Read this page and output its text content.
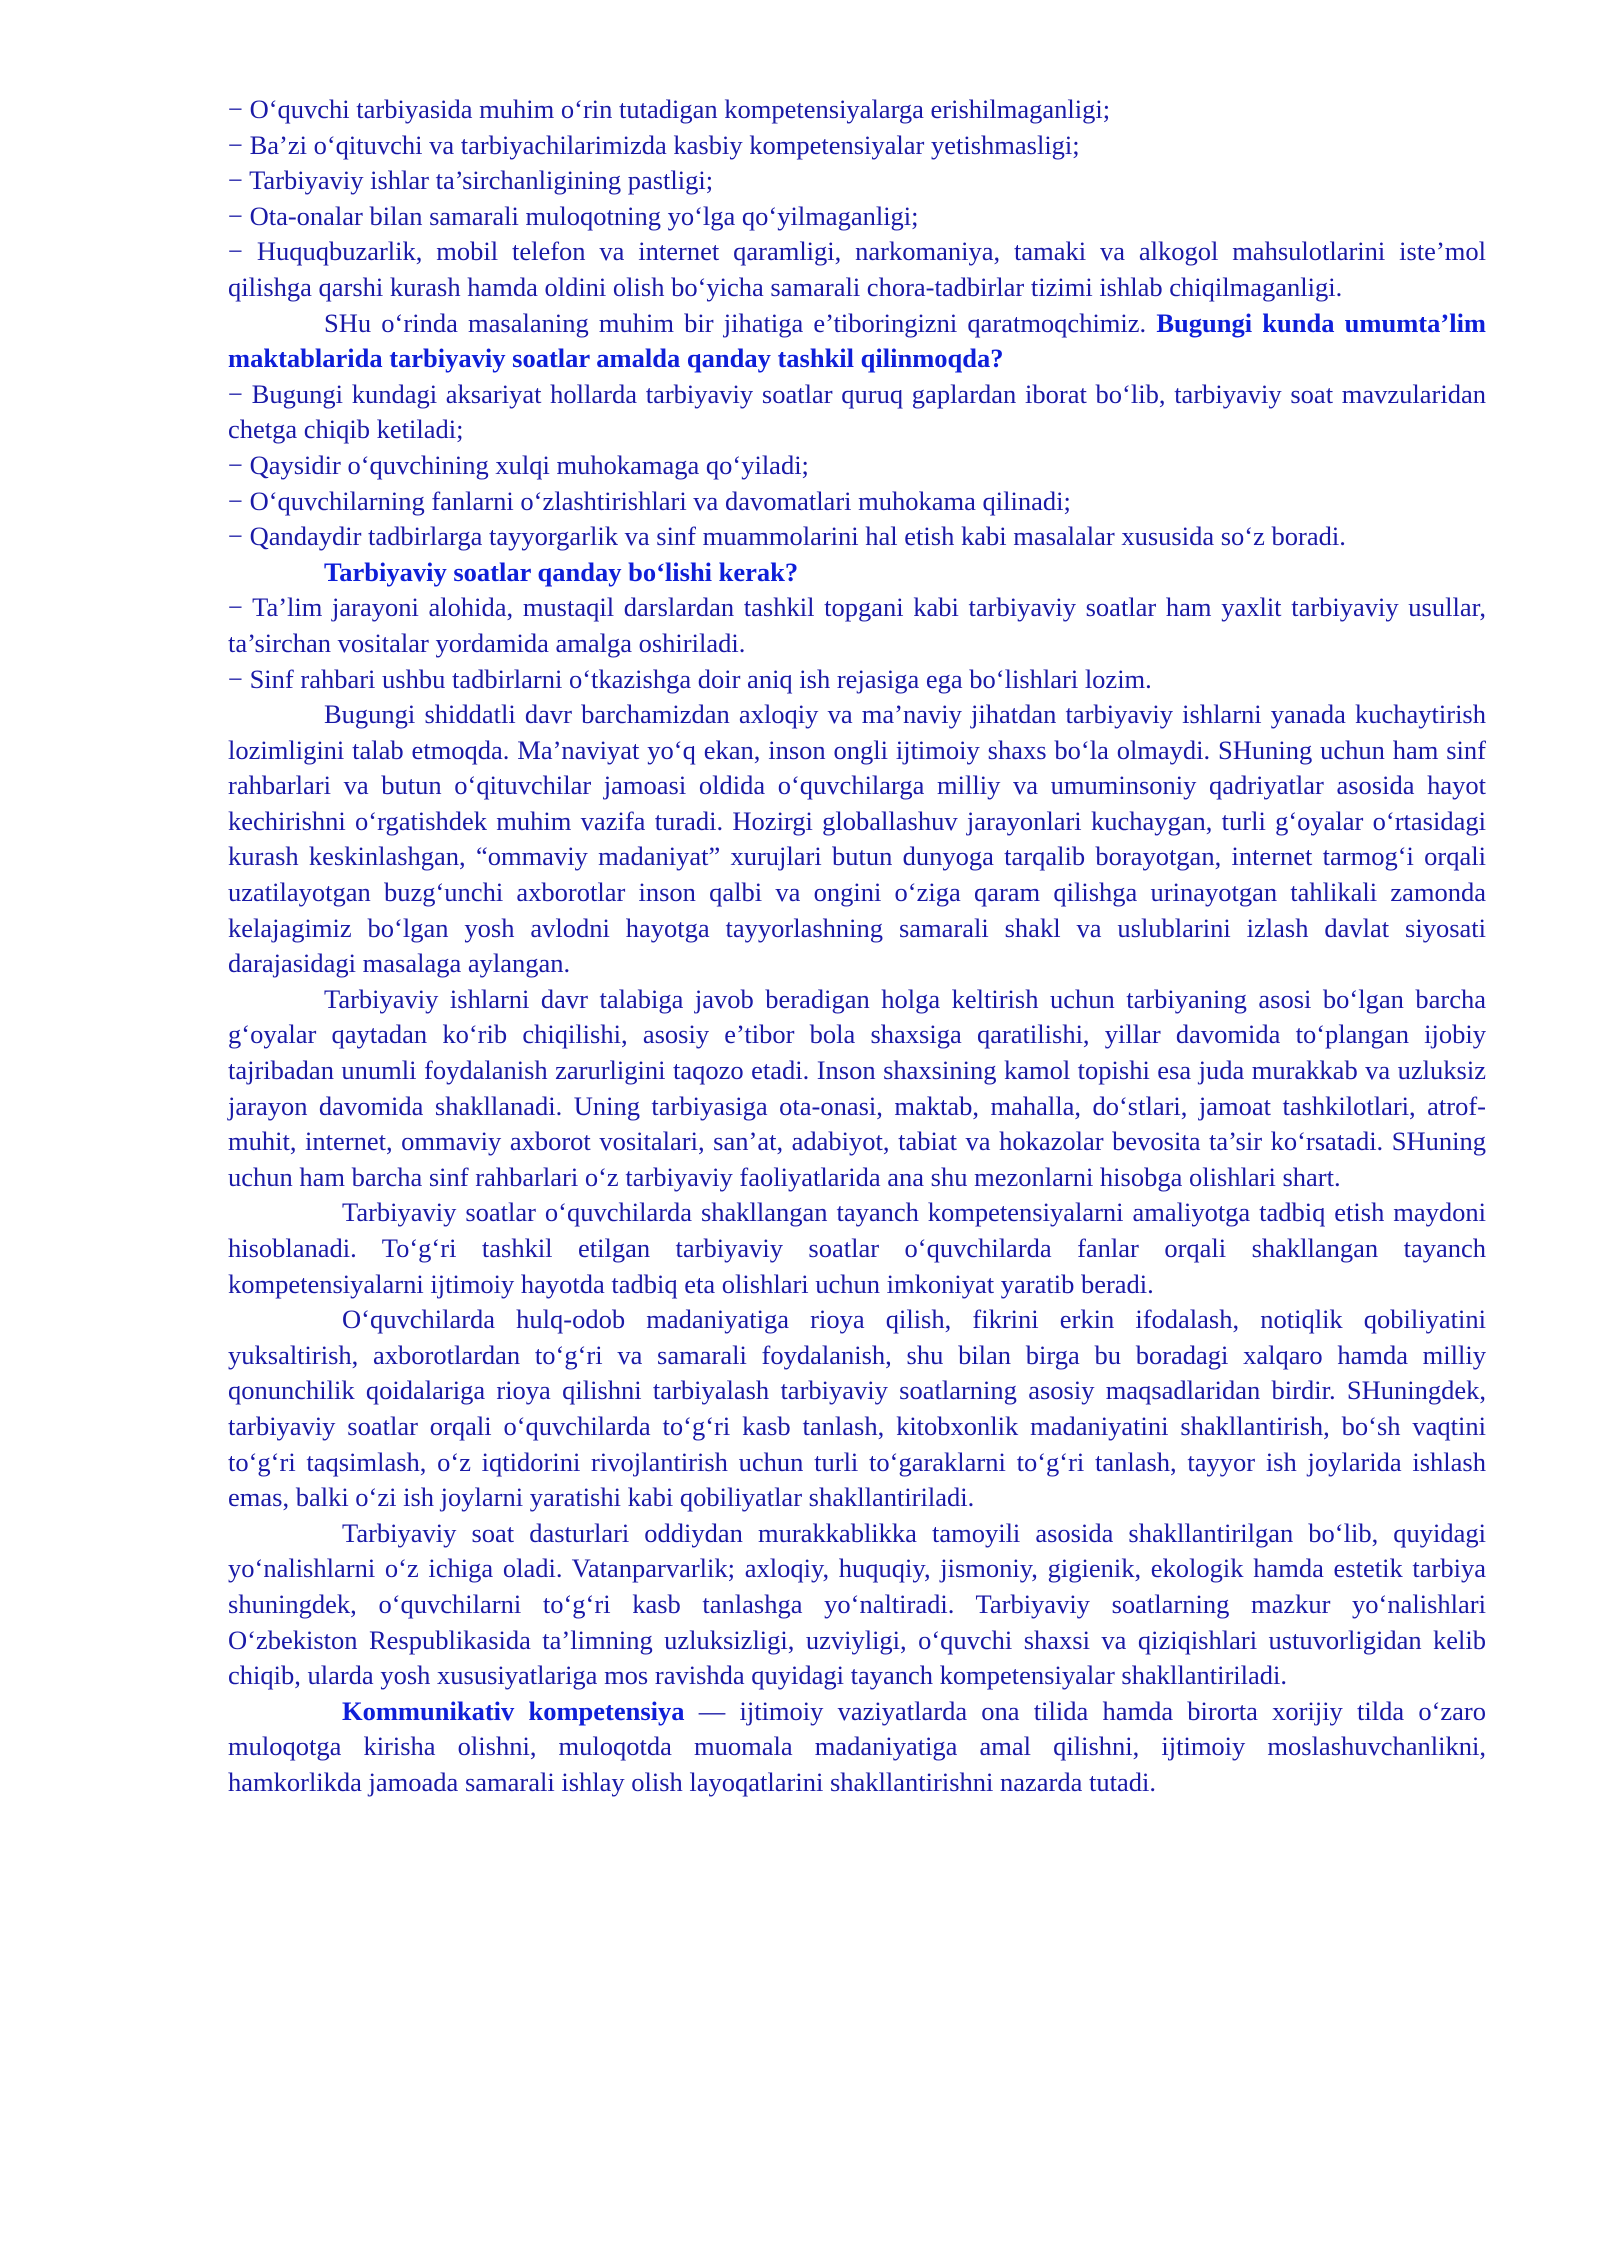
− O‘quvchi tarbiyasida muhim o‘rin tutadigan kompetensiyalarga erishilmaganligi;

− Ba’zi o‘qituvchi va tarbiyachilarimizda kasbiy kompetensiyalar yetishmasligi;

− Tarbiyaviy ishlar ta’sirchanligining pastligi;

− Ota-onalar bilan samarali muloqotning yo‘lga qo‘yilmaganligi;

− Huquqbuzarlik, mobil telefon va internet qaramligi, narkomaniya, tamaki va alkogol mahsulotlarini iste’mol qilishga qarshi kurash hamda oldini olish bo‘yicha samarali chora-tadbirlar tizimi ishlab chiqilmaganligi.

SHu o‘rinda masalaning muhim bir jihatiga e’tiboringizni qaratmoqchimiz. Bugungi kunda umumta’lim maktablarida tarbiyaviy soatlar amalda qanday tashkil qilinmoqda?

− Bugungi kundagi aksariyat hollarda tarbiyaviy soatlar quruq gaplardan iborat bo‘lib, tarbiyaviy soat mavzularidan chetga chiqib ketiladi;

− Qaysidir o‘quvchining xulqi muhokamaga qo‘yiladi;

− O‘quvchilarning fanlarni o‘zlashtirishlari va davomatlari muhokama qilinadi;

− Qandaydir tadbirlarga tayyorgarlik va sinf muammolarini hal etish kabi masalalar xususida so‘z boradi.

Tarbiyaviy soatlar qanday bo‘lishi kerak?

− Ta’lim jarayoni alohida, mustaqil darslardan tashkil topgani kabi tarbiyaviy soatlar ham yaxlit tarbiyaviy usullar, ta’sirchan vositalar yordamida amalga oshiriladi.

− Sinf rahbari ushbu tadbirlarni o‘tkazishga doir aniq ish rejasiga ega bo‘lishlari lozim.

Bugungi shiddatli davr barchamizdan axloqiy va ma’naviy jihatdan tarbiyaviy ishlarni yanada kuchaytirish lozimligini talab etmoqda. Ma’naviyat yo‘q ekan, inson ongli ijtimoiy shaxs bo‘la olmaydi. SHuning uchun ham sinf rahbarlari va butun o‘qituvchilar jamoasi oldida o‘quvchilarga milliy va umuminsoniy qadriyatlar asosida hayot kechirishni o‘rgatishdek muhim vazifa turadi. Hozirgi globallashuv jarayonlari kuchaygan, turli g‘oyalar o‘rtasidagi kurash keskinlashgan, “ommaviy madaniyat” xurujlari butun dunyoga tarqalib borayotgan, internet tarmog‘i orqali uzatilayotgan buzg‘unchi axborotlar inson qalbi va ongini o‘ziga qaram qilishga urinayotgan tahlikali zamonda kelajagimiz bo‘lgan yosh avlodni hayotga tayyorlashning samarali shakl va uslublarini izlash davlat siyosati darajasidagi masalaga aylangan.

Tarbiyaviy ishlarni davr talabiga javob beradigan holga keltirish uchun tarbiyaning asosi bo‘lgan barcha g‘oyalar qaytadan ko‘rib chiqilishi, asosiy e’tibor bola shaxsiga qaratilishi, yillar davomida to‘plangan ijobiy tajribadan unumli foydalanish zarurligini taqozo etadi. Inson shaxsining kamol topishi esa juda murakkab va uzluksiz jarayon davomida shakllanadi. Uning tarbiyasiga ota-onasi, maktab, mahalla, do‘stlari, jamoat tashkilotlari, atrof-muhit, internet, ommaviy axborot vositalari, san’at, adabiyot, tabiat va hokazolar bevosita ta’sir ko‘rsatadi. SHuning uchun ham barcha sinf rahbarlari o‘z tarbiyaviy faoliyatlarida ana shu mezonlarni hisobga olishlari shart.

Tarbiyaviy soatlar o‘quvchilarda shakllangan tayanch kompetensiyalarni amaliyotga tadbiq etish maydoni hisoblanadi. To‘g‘ri tashkil etilgan tarbiyaviy soatlar o‘quvchilarda fanlar orqali shakllangan tayanch kompetensiyalarni ijtimoiy hayotda tadbiq eta olishlari uchun imkoniyat yaratib beradi.

O‘quvchilarda hulq-odob madaniyatiga rioya qilish, fikrini erkin ifodalash, notiqlik qobiliyatini yuksaltirish, axborotlardan to‘g‘ri va samarali foydalanish, shu bilan birga bu boradagi xalqaro hamda milliy qonunchilik qoidalariga rioya qilishni tarbiyalash tarbiyaviy soatlarning asosiy maqsadlaridan birdir. SHuningdek, tarbiyaviy soatlar orqali o‘quvchilarda to‘g‘ri kasb tanlash, kitobxonlik madaniyatini shakllantirish, bo‘sh vaqtini to‘g‘ri taqsimlash, o‘z iqtidorini rivojlantirish uchun turli to‘garaklarni to‘g‘ri tanlash, tayyor ish joylarida ishlash emas, balki o‘zi ish joylarni yaratishi kabi qobiliyatlar shakllantiriladi.

Tarbiyaviy soat dasturlari oddiydan murakkablikka tamoyili asosida shakllantirilgan bo‘lib, quyidagi yo‘nalishlarni o‘z ichiga oladi. Vatanparvarlik; axloqiy, huquqiy, jismoniy, gigienik, ekologik hamda estetik tarbiya shuningdek, o‘quvchilarni to‘g‘ri kasb tanlashga yo‘naltiradi. Tarbiyaviy soatlarning mazkur yo‘nalishlari O‘zbekiston Respublikasida ta’limning uzluksizligi, uzviyligi, o‘quvchi shaxsi va qiziqishlari ustuvorligidan kelib chiqib, ularda yosh xususiyatlariga mos ravishda quyidagi tayanch kompetensiyalar shakllantiriladi.

Kommunikativ kompetensiya — ijtimoiy vaziyatlarda ona tilida hamda birorta xorijiy tilda o‘zaro muloqotga kirisha olishni, muloqotda muomala madaniyatiga amal qilishni, ijtimoiy moslashuvchanlikni, hamkorlikda jamoada samarali ishlay olish layoqatlarini shakllantirishni nazarda tutadi.
